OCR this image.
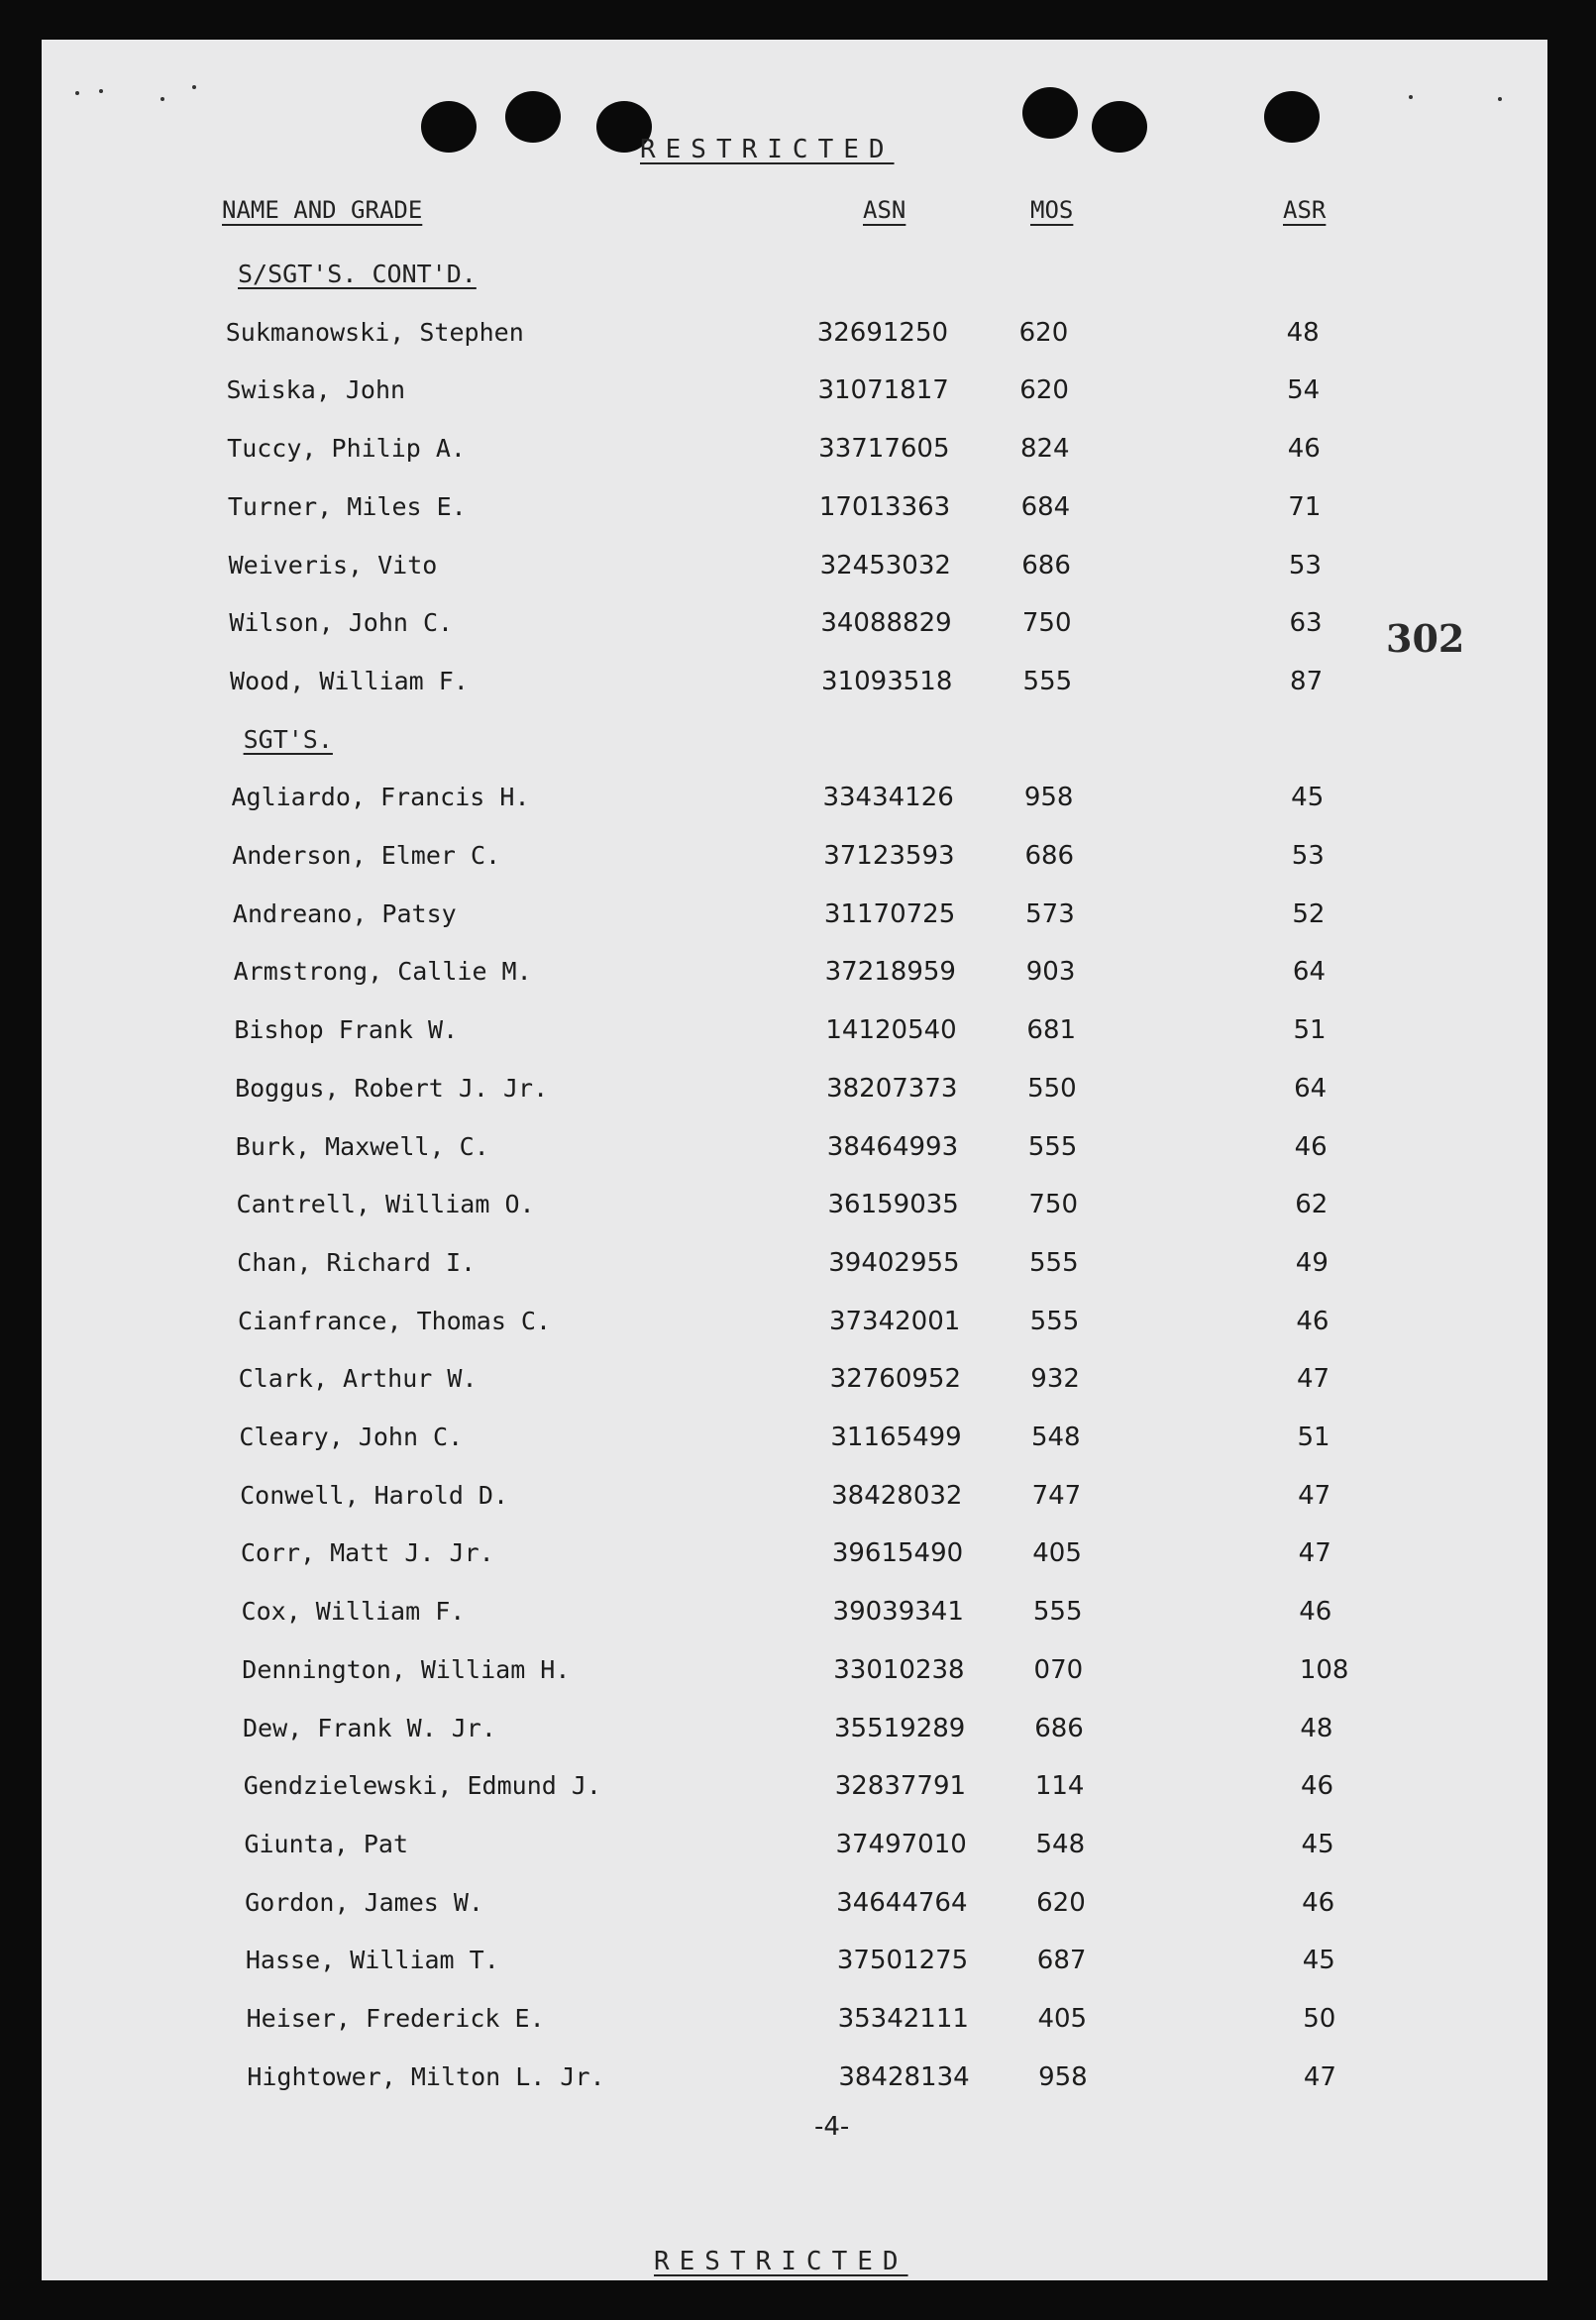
RESTRICTED
NAME AND GRADE	ASN	MOS	ASR
302
S/SGT'S. CONT'D.
Sukmanowski, Stephen	32691250	620	48
Swiska, John	31071817	620	54
Tuccy, Philip A.	33717605	824	46
Turner, Miles E.	17013363	684	71
Weiveris, Vito	32453032	686	53
Wilson, John C.	34088829	750	63
Wood, William F.	31093518	555	87
SGT'S.
Agliardo, Francis H.	33434126	958	45
Anderson, Elmer C.	37123593	686	53
Andreano, Patsy	31170725	573	52
Armstrong, Callie M.	37218959	903	64
Bishop Frank W.	14120540	681	51
Boggus, Robert J. Jr.	38207373	550	64
Burk, Maxwell, C.	38464993	555	46
Cantrell, William O.	36159035	750	62
Chan, Richard I.	39402955	555	49
Cianfrance, Thomas C.	37342001	555	46
Clark, Arthur W.	32760952	932	47
Cleary, John C.	31165499	548	51
Conwell, Harold D.	38428032	747	47
Corr, Matt J. Jr.	39615490	405	47
Cox, William F.	39039341	555	46
Dennington, William H.	33010238	070	108
Dew, Frank W. Jr.	35519289	686	48
Gendzielewski, Edmund J.	32837791	114	46
Giunta, Pat	37497010	548	45
Gordon, James W.	34644764	620	46
Hasse, William T.	37501275	687	45
Heiser, Frederick E.	35342111	405	50
Hightower, Milton L. Jr.	38428134	958	47
-4-
RESTRICTED
